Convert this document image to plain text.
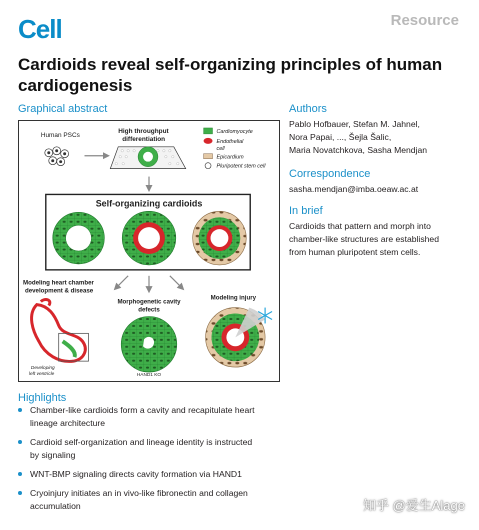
Cell	Resource
Cardioids reveal self-organizing principles of human cardiogenesis
Graphical abstract
Human PSCs
High throughput
differentiation
Cardiomyocyte
Endothelial
cell
Epicardium
Pluripotent stem cell
Self-organizing cardioids
Modeling heart chamber
development & disease
Developing
left ventricle
Morphogenetic cavity
defects
HAND1 KO
Modeling injury
Authors
Pablo Hofbauer, Stefan M. Jahnel,
Nora Papai, ..., Šejla Šalic,
Maria Novatchkova, Sasha Mendjan
Correspondence
sasha.mendjan@imba.oeaw.ac.at
In brief
Cardioids that pattern and morph into
chamber-like structures are established
from human pluripotent stem cells.
Highlights
Chamber-like cardioids form a cavity and recapitulate heart
lineage architecture
Cardioid self-organization and lineage identity is instructed
by signaling
WNT-BMP signaling directs cavity formation via HAND1
Cryoinjury initiates an in vivo-like fibronectin and collagen
accumulation	知乎 @爱生Alage
